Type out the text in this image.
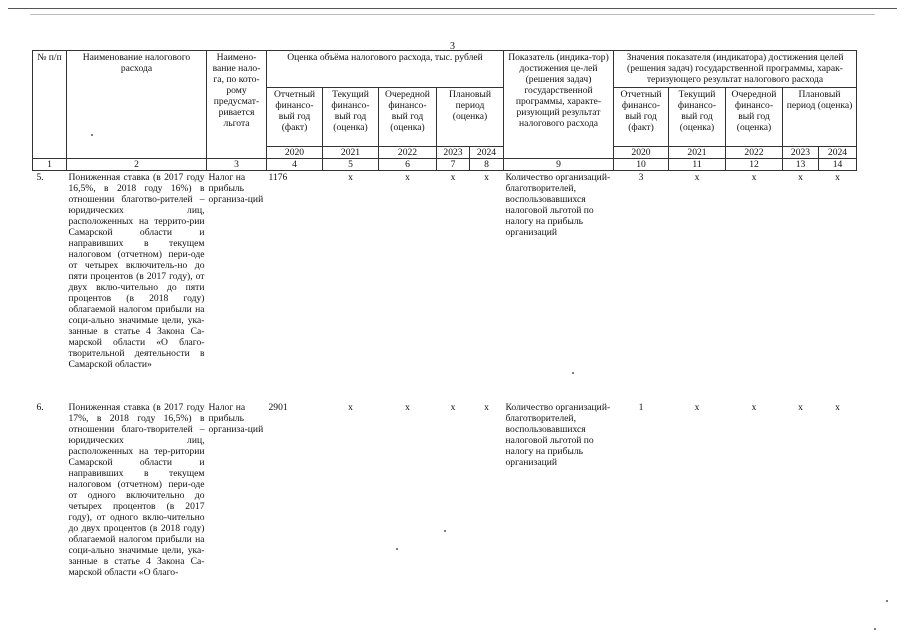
3
№ п/п	Наименование налогового расхода	Наимено-вание нало-га, по кото-рому предусмат-ривается льгота	Оценка объёма налогового расхода, тыс. рублей					Показатель (индика-тор) достижения це-лей (решения задач) государственной программы, характе-ризующий результат налогового расхода	Значения показателя (индикатора) достижения целей (решения задач) государственной программы, харак-теризующего результат налогового расхода				
			Отчетный финансо-вый год (факт)	Текущий финансо-вый год (оценка)	Очередной финансо-вый год (оценка)	Плановый период (оценка)			Отчетный финансо-вый год (факт)	Текущий финансо-вый год (оценка)	Очередной финансо-вый год (оценка)	Плановый период (оценка)	
			2020	2021	2022	2023	2024		2020	2021	2022	2023	2024
1	2	3	4	5	6	7	8	9	10	11	12	13	14
5.	Пониженная ставка (в 2017 году 16,5%, в 2018 году 16%) в отношении благотво-рителей – юридических лиц, расположенных на террито-рии Самарской области и направивших в текущем налоговом (отчетном) пери-оде от четырех включитель-но до пяти процентов (в 2017 году), от двух вклю-чительно до пяти процентов (в 2018 году) облагаемой налогом прибыли на соци-ально значимые цели, ука-занные в статье 4 Закона Са-марской области «О благо-творительной деятельности в Самарской области»	Налог на прибыль организа-ций	1176	x	x	x	x	Количество организаций-благотворителей, воспользовавшихся налоговой льготой по налогу на прибыль организаций	3	x	x	x	x
6.	Пониженная ставка (в 2017 году 17%, в 2018 году 16,5%) в отношении благо-творителей – юридических лиц, расположенных на тер-ритории Самарской области и направивших в текущем налоговом (отчетном) пери-оде от одного включительно до четырех процентов (в 2017 году), от одного вклю-чительно до двух процентов (в 2018 году) облагаемой налогом прибыли на соци-ально значимые цели, ука-занные в статье 4 Закона Са-марской области «О благо-	Налог на прибыль организа-ций	2901	x	x	x	x	Количество организаций-благотворителей, воспользовавшихся налоговой льготой по налогу на прибыль организаций	1	x	x	x	x
